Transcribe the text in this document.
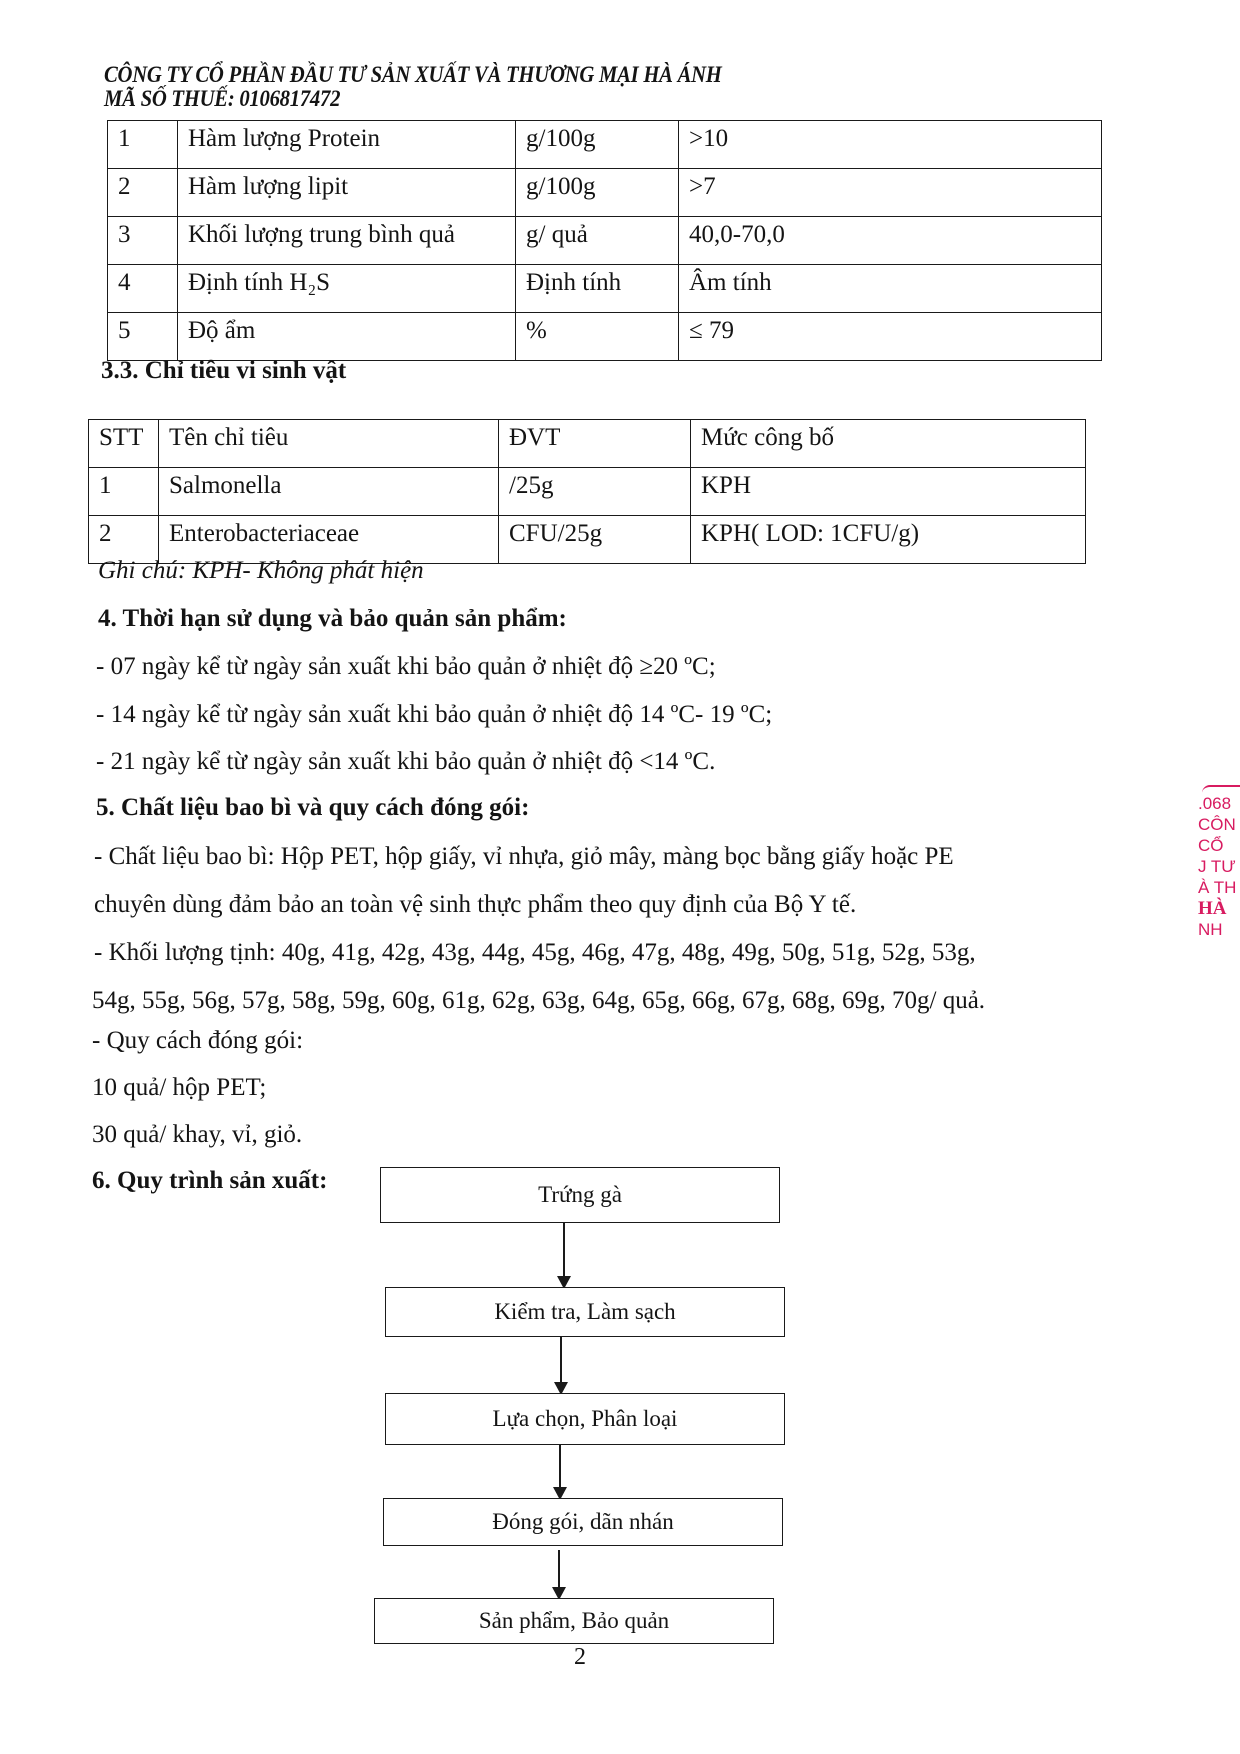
CÔNG TY CỔ PHẦN ĐẦU TƯ SẢN XUẤT VÀ THƯƠNG MẠI HÀ ÁNH
MÃ SỐ THUẾ: 0106817472
1	Hàm lượng Protein	g/100g	>10
2	Hàm lượng lipit	g/100g	>7
3	Khối lượng trung bình quả	g/ quả	40,0-70,0
4	Định tính H₂S	Định tính	Âm tính
5	Độ ẩm	%	≤ 79
3.3. Chỉ tiêu vi sinh vật
STT	Tên chỉ tiêu	ĐVT	Mức công bố
1	Salmonella	/25g	KPH
2	Enterobacteriaceae	CFU/25g	KPH( LOD: 1CFU/g)
Ghi chú: KPH- Không phát hiện
4. Thời hạn sử dụng và bảo quản sản phẩm:
- 07 ngày kể từ ngày sản xuất khi bảo quản ở nhiệt độ ≥20 ºC;
- 14 ngày kể từ ngày sản xuất khi bảo quản ở nhiệt độ 14 ºC- 19 ºC;
- 21 ngày kể từ ngày sản xuất khi bảo quản ở nhiệt độ <14 ºC.
5. Chất liệu bao bì và quy cách đóng gói:
- Chất liệu bao bì: Hộp PET, hộp giấy, vỉ nhựa, giỏ mây, màng bọc bằng giấy hoặc PE
chuyên dùng đảm bảo an toàn vệ sinh thực phẩm theo quy định của Bộ Y tế.
- Khối lượng tịnh: 40g, 41g, 42g, 43g, 44g, 45g, 46g, 47g, 48g, 49g, 50g, 51g, 52g, 53g,
54g, 55g, 56g, 57g, 58g, 59g, 60g, 61g, 62g, 63g, 64g, 65g, 66g, 67g, 68g, 69g, 70g/ quả.
- Quy cách đóng gói:
10 quả/ hộp PET;
30 quả/ khay, vỉ, giỏ.
6. Quy trình sản xuất:
Trứng gà
Kiểm tra, Làm sạch
Lựa chọn, Phân loại
Đóng gói, dãn nhán
Sản phẩm, Bảo quản
2
.068
CÔN
CỔ
J TƯ
À TH
HÀ
NH
